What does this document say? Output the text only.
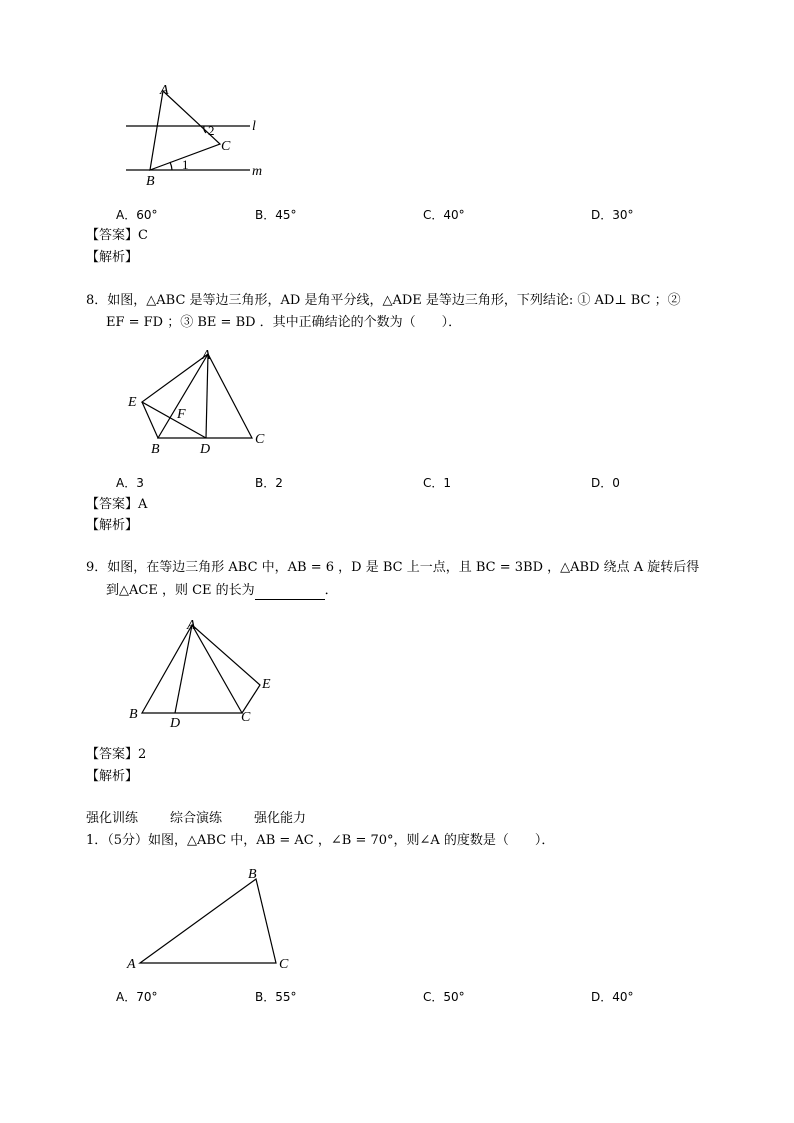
A
B
C
l
m
1
2
A．60°	B．45°	C．40°	D．30°
【答案】C
【解析】
8．如图，△ABC 是等边三角形，AD 是角平分线，△ADE 是等边三角形，下列结论: ① AD⊥ BC ；②
EF = FD ；③ BE = BD ．其中正确结论的个数为（　　）．
A
E
F
B	D
C
A．3	B．2	C．1	D．0
【答案】A
【解析】
9．如图，在等边三角形 ABC 中，AB = 6 ，D 是 BC 上一点，且 BC = 3BD ，△ABD 绕点 A 旋转后得
到△ACE ，则 CE 的长为	．
A
B
D	C
E
【答案】2
【解析】
强化训练 综合演练 强化能力
1．（5分）如图，△ABC 中，AB = AC ，∠B = 70°，则∠A 的度数是（　　）．
A
B
C
A．70°	B．55°	C．50°	D．40°
